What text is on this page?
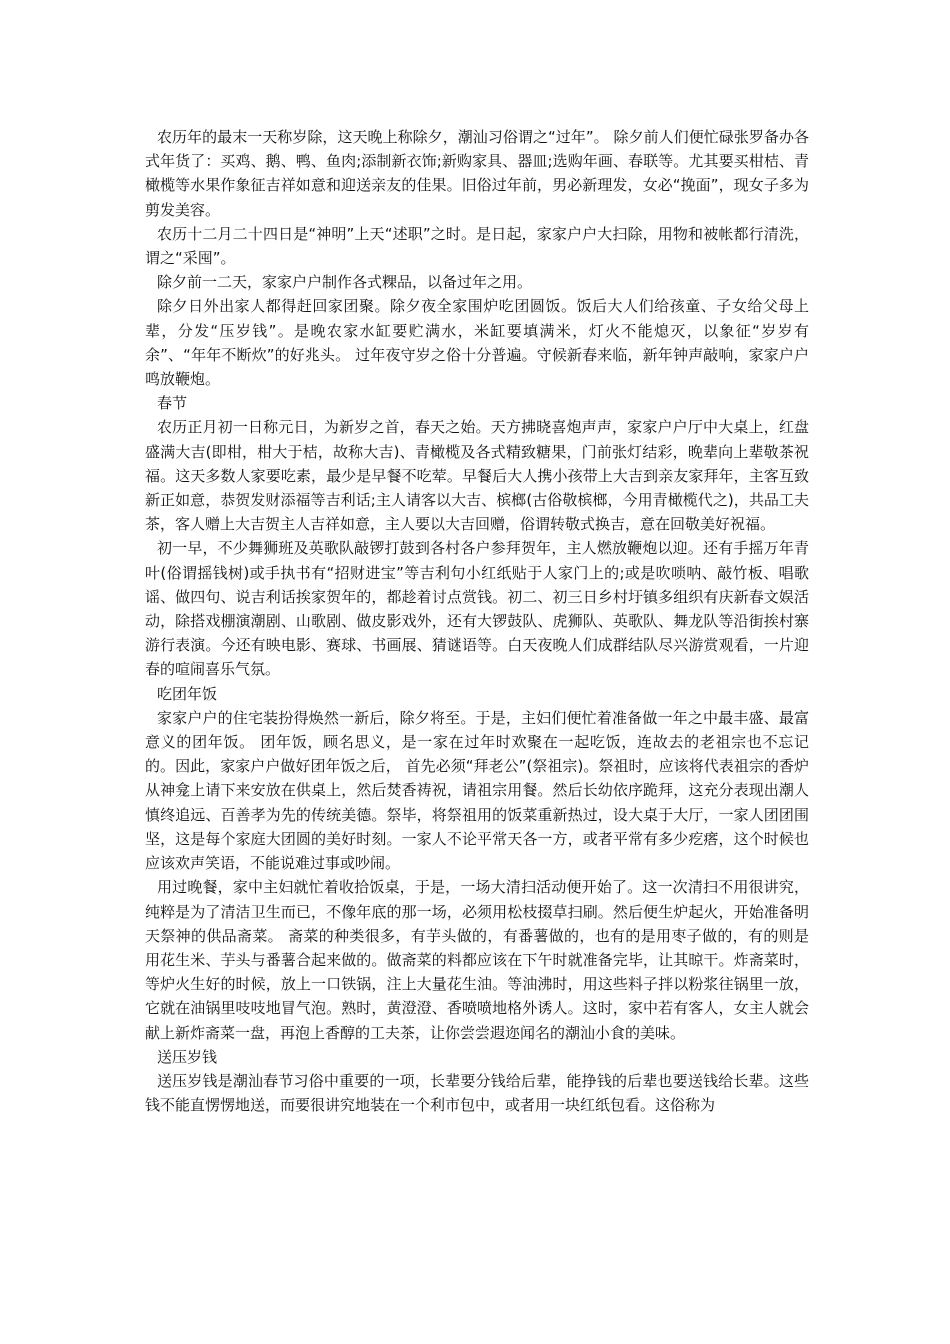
农历年的最末一天称岁除，这天晚上称除夕，潮汕习俗谓之“过年”。 除夕前人们便忙碌张罗备办各式年货了：买鸡、鹅、鸭、鱼肉;添制新衣饰;新购家具、器皿;选购年画、春联等。尤其要买柑桔、青橄榄等水果作象征吉祥如意和迎送亲友的佳果。旧俗过年前，男必新理发，女必“挽面”，现女子多为剪发美容。

农历十二月二十四日是“神明”上天“述职”之时。是日起，家家户户大扫除，用物和被帐都行清洗，谓之“采囤”。

除夕前一二天，家家户户制作各式粿品，以备过年之用。

除夕日外出家人都得赶回家团聚。除夕夜全家围炉吃团圆饭。饭后大人们给孩童、子女给父母上辈，分发“压岁钱”。是晚农家水缸要贮满水，米缸要填满米，灯火不能熄灭，以象征“岁岁有余”、“年年不断炊”的好兆头。 过年夜守岁之俗十分普遍。守候新春来临，新年钟声敲响，家家户户鸣放鞭炮。

春节

农历正月初一日称元日，为新岁之首，春天之始。天方拂晓喜炮声声，家家户户厅中大桌上，红盘盛满大吉(即柑，柑大于桔，故称大吉)、青橄榄及各式精致糖果，门前张灯结彩，晚辈向上辈敬茶祝福。这天多数人家要吃素，最少是早餐不吃荤。早餐后大人携小孩带上大吉到亲友家拜年，主客互致新正如意，恭贺发财添福等吉利话;主人请客以大吉、槟榔(古俗敬槟榔，今用青橄榄代之)，共品工夫茶，客人赠上大吉贺主人吉祥如意，主人要以大吉回赠，俗谓转敬式换吉，意在回敬美好祝福。

初一早，不少舞狮班及英歌队敲锣打鼓到各村各户参拜贺年，主人燃放鞭炮以迎。还有手摇万年青叶(俗谓摇钱树)或手执书有“招财进宝”等吉利句小红纸贴于人家门上的;或是吹唢呐、敲竹板、唱歌谣、做四句、说吉利话挨家贺年的，都趁着讨点赏钱。初二、初三日乡村圩镇多组织有庆新春文娱活动，除搭戏棚演潮剧、山歌剧、做皮影戏外，还有大锣鼓队、虎狮队、英歌队、舞龙队等沿街挨村寨游行表演。今还有映电影、赛球、书画展、猜谜语等。白天夜晚人们成群结队尽兴游赏观看，一片迎春的喧闹喜乐气氛。

吃团年饭

家家户户的住宅装扮得焕然一新后，除夕将至。于是，主妇们便忙着准备做一年之中最丰盛、最富意义的团年饭。 团年饭，顾名思义，是一家在过年时欢聚在一起吃饭，连故去的老祖宗也不忘记的。因此，家家户户做好团年饭之后， 首先必须“拜老公”(祭祖宗)。祭祖时，应该将代表祖宗的香炉从神龛上请下来安放在供桌上，然后焚香祷祝，请祖宗用餐。然后长幼依序跪拜，这充分表现出潮人慎终追远、百善孝为先的传统美德。祭毕，将祭祖用的饭菜重新热过，设大桌于大厅，一家人团团围坚，这是每个家庭大团圆的美好时刻。一家人不论平常天各一方，或者平常有多少疙瘩，这个时候也应该欢声笑语，不能说难过事或吵闹。

用过晚餐，家中主妇就忙着收拾饭桌，于是，一场大清扫活动便开始了。这一次清扫不用很讲究，纯粹是为了清洁卫生而已，不像年底的那一场，必须用松枝掇草扫刷。然后便生炉起火，开始准备明天祭神的供品斋菜。 斋菜的种类很多，有芋头做的，有番薯做的，也有的是用枣子做的，有的则是用花生米、芋头与番薯合起来做的。做斋菜的料都应该在下午时就准备完毕，让其晾干。炸斋菜时，等炉火生好的时候，放上一口铁锅，注上大量花生油。等油沸时，用这些料子拌以粉浆往锅里一放，它就在油锅里吱吱地冒气泡。熟时，黄澄澄、香喷喷地格外诱人。这时，家中若有客人，女主人就会献上新炸斋菜一盘，再泡上香醇的工夫茶，让你尝尝遐迩闻名的潮汕小食的美味。

送压岁钱

送压岁钱是潮汕春节习俗中重要的一项，长辈要分钱给后辈，能挣钱的后辈也要送钱给长辈。这些钱不能直愣愣地送，而要很讲究地装在一个利市包中，或者用一块红纸包看。这俗称为
